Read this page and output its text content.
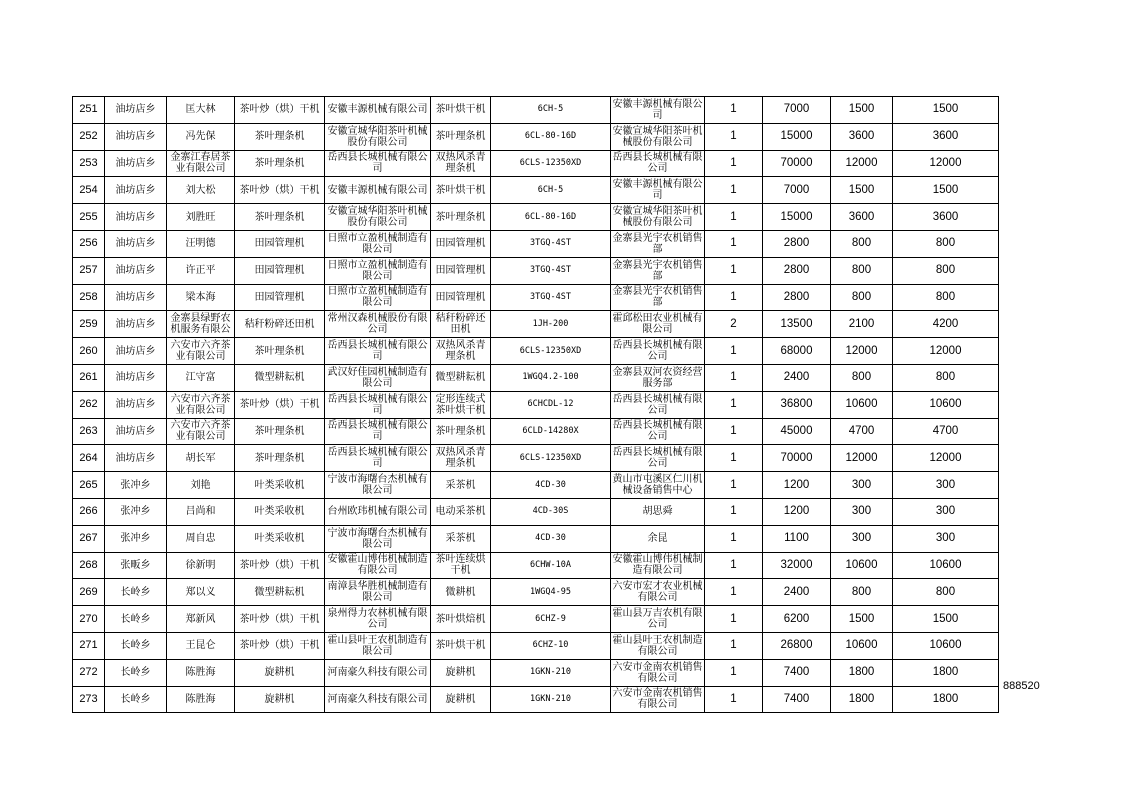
251	油坊店乡	匡大林	茶叶炒（烘）干机	安徽丰源机械有限公司	茶叶烘干机	6CH-5	安徽丰源机械有限公司	1	7000	1500	1500
252	油坊店乡	冯先保	茶叶理条机	安徽宣城华阳茶叶机械股份有限公司	茶叶理条机	6CL-80-16D	安徽宣城华阳茶叶机械股份有限公司	1	15000	3600	3600
253	油坊店乡	金寨江春居茶业有限公司	茶叶理条机	岳西县长城机械有限公司	双热风杀青理条机	6CLS-12350XD	岳西县长城机械有限公司	1	70000	12000	12000
254	油坊店乡	刘大松	茶叶炒（烘）干机	安徽丰源机械有限公司	茶叶烘干机	6CH-5	安徽丰源机械有限公司	1	7000	1500	1500
255	油坊店乡	刘胜旺	茶叶理条机	安徽宣城华阳茶叶机械股份有限公司	茶叶理条机	6CL-80-16D	安徽宣城华阳茶叶机械股份有限公司	1	15000	3600	3600
256	油坊店乡	汪明德	田园管理机	日照市立盈机械制造有限公司	田园管理机	3TGQ-4ST	金寨县光宇农机销售部	1	2800	800	800
257	油坊店乡	许正平	田园管理机	日照市立盈机械制造有限公司	田园管理机	3TGQ-4ST	金寨县光宇农机销售部	1	2800	800	800
258	油坊店乡	梁本海	田园管理机	日照市立盈机械制造有限公司	田园管理机	3TGQ-4ST	金寨县光宇农机销售部	1	2800	800	800
259	油坊店乡	金寨县绿野农机服务有限公	秸秆粉碎还田机	常州汉森机械股份有限公司	秸秆粉碎还田机	1JH-200	霍邱松田农业机械有限公司	2	13500	2100	4200
260	油坊店乡	六安市六齐茶业有限公司	茶叶理条机	岳西县长城机械有限公司	双热风杀青理条机	6CLS-12350XD	岳西县长城机械有限公司	1	68000	12000	12000
261	油坊店乡	江守富	微型耕耘机	武汉好佳园机械制造有限公司	微型耕耘机	1WGQ4.2-100	金寨县双河农资经营服务部	1	2400	800	800
262	油坊店乡	六安市六齐茶业有限公司	茶叶炒（烘）干机	岳西县长城机械有限公司	定形连续式茶叶烘干机	6CHCDL-12	岳西县长城机械有限公司	1	36800	10600	10600
263	油坊店乡	六安市六齐茶业有限公司	茶叶理条机	岳西县长城机械有限公司	茶叶理条机	6CLD-14280X	岳西县长城机械有限公司	1	45000	4700	4700
264	油坊店乡	胡长军	茶叶理条机	岳西县长城机械有限公司	双热风杀青理条机	6CLS-12350XD	岳西县长城机械有限公司	1	70000	12000	12000
265	张冲乡	刘艳	叶类采收机	宁波市海曙台杰机械有限公司	采茶机	4CD-30	黄山市屯溪区仁川机械设备销售中心	1	1200	300	300
266	张冲乡	吕尚和	叶类采收机	台州欧玮机械有限公司	电动采茶机	4CD-30S	胡思舜	1	1200	300	300
267	张冲乡	周自忠	叶类采收机	宁波市海曙台杰机械有限公司	采茶机	4CD-30	余昆	1	1100	300	300
268	张畈乡	徐新明	茶叶炒（烘）干机	安徽霍山博伟机械制造有限公司	茶叶连续烘干机	6CHW-10A	安徽霍山博伟机械制造有限公司	1	32000	10600	10600
269	长岭乡	郑以义	微型耕耘机	南漳县华胜机械制造有限公司	微耕机	1WGQ4-95	六安市宏才农业机械有限公司	1	2400	800	800
270	长岭乡	郑新风	茶叶炒（烘）干机	泉州得力农林机械有限公司	茶叶烘焙机	6CHZ-9	霍山县万吉农机有限公司	1	6200	1500	1500
271	长岭乡	王昆仑	茶叶炒（烘）干机	霍山县叶王农机制造有限公司	茶叶烘干机	6CHZ-10	霍山县叶王农机制造有限公司	1	26800	10600	10600
272	长岭乡	陈胜海	旋耕机	河南豪久科技有限公司	旋耕机	1GKN-210	六安市金南农机销售有限公司	1	7400	1800	1800
273	长岭乡	陈胜海	旋耕机	河南豪久科技有限公司	旋耕机	1GKN-210	六安市金南农机销售有限公司	1	7400	1800	1800
888520
